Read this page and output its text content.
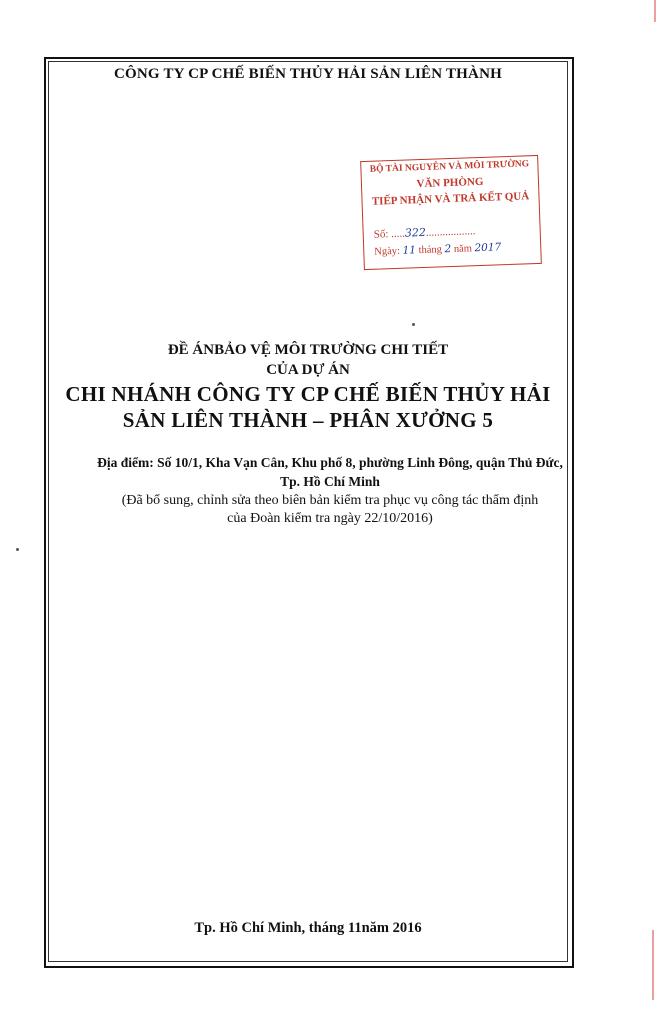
CÔNG TY CP CHẾ BIẾN THỦY HẢI SẢN LIÊN THÀNH
BỘ TÀI NGUYÊN VÀ MÔI TRƯỜNG
VĂN PHÒNG
TIẾP NHẬN VÀ TRẢ KẾT QUẢ
Số: .....322..................
Ngày: 11 tháng 2 năm 2017
ĐỀ ÁNBẢO VỆ MÔI TRƯỜNG CHI TIẾT
CỦA DỰ ÁN
CHI NHÁNH CÔNG TY CP CHẾ BIẾN THỦY HẢI
SẢN LIÊN THÀNH – PHÂN XƯỞNG 5
Địa điểm: Số 10/1, Kha Vạn Cân, Khu phố 8, phường Linh Đông, quận Thủ Đức,
Tp. Hồ Chí Minh
(Đã bổ sung, chỉnh sửa theo biên bản kiểm tra phục vụ công tác thẩm định
của Đoàn kiểm tra ngày 22/10/2016)
Tp. Hồ Chí Minh, tháng 11năm 2016
